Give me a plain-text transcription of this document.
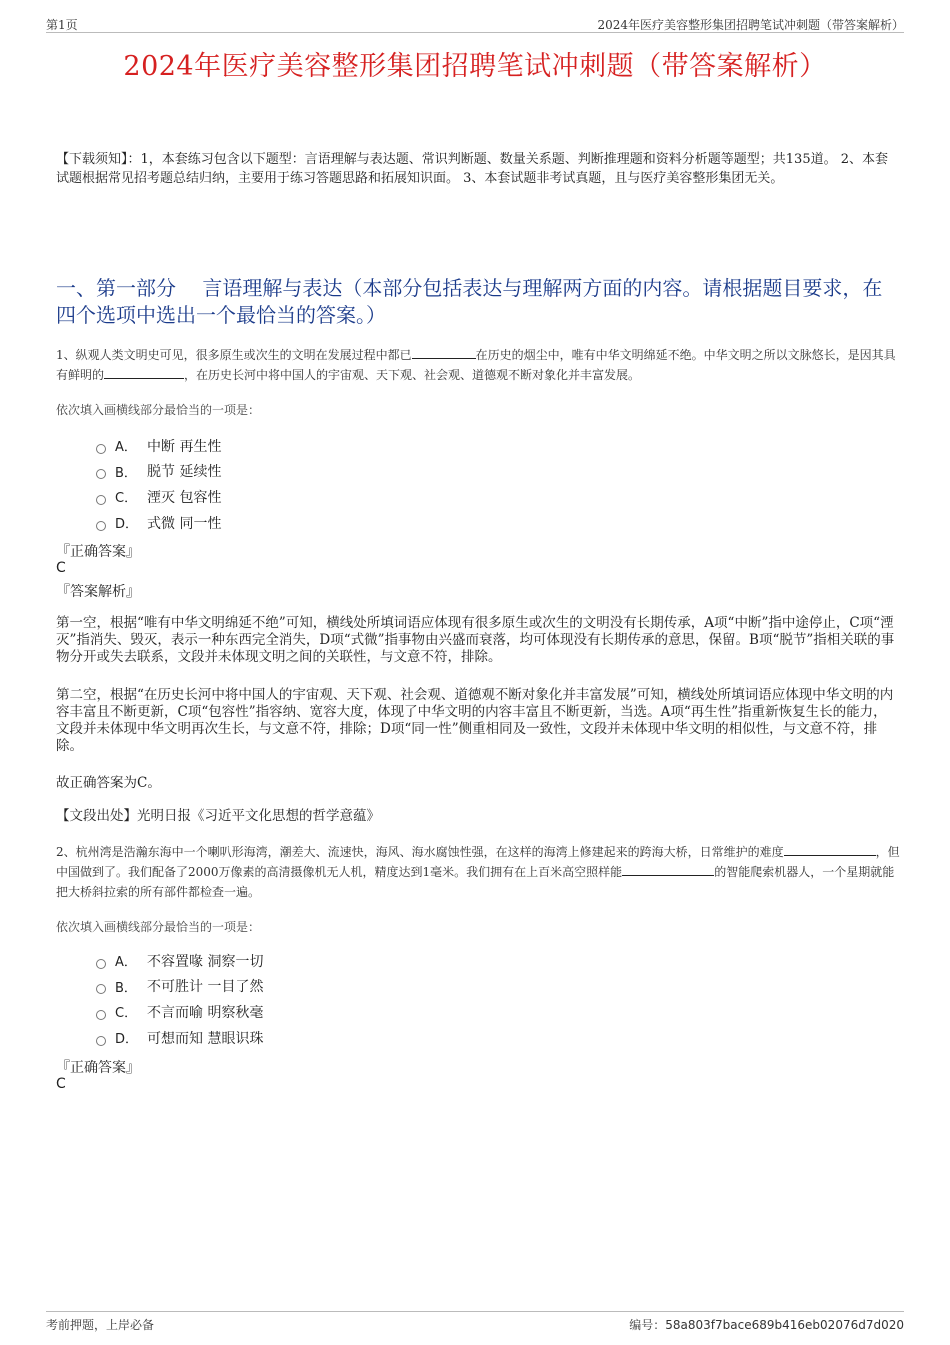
第1页	2024年医疗美容整形集团招聘笔试冲刺题（带答案解析）
2024年医疗美容整形集团招聘笔试冲刺题（带答案解析）
【下载须知】：1，本套练习包含以下题型：言语理解与表达题、常识判断题、数量关系题、判断推理题和资料分析题等题型；共135道。 2、本套试题根据常见招考题总结归纳，主要用于练习答题思路和拓展知识面。 3、本套试题非考试真题，且与医疗美容整形集团无关。
一、第一部分　 言语理解与表达（本部分包括表达与理解两方面的内容。请根据题目要求，在四个选项中选出一个最恰当的答案。）
1、纵观人类文明史可见，很多原生或次生的文明在发展过程中都已	在历史的烟尘中，唯有中华文明绵延不绝。中华文明之所以文脉悠长，是因其具有鲜明的	，在历史长河中将中国人的宇宙观、天下观、社会观、道德观不断对象化并丰富发展。
依次填入画横线部分最恰当的一项是：
A． 中断 再生性
B． 脱节 延续性
C． 湮灭 包容性
D． 式微 同一性
『正确答案』
C
『答案解析』
第一空，根据“唯有中华文明绵延不绝”可知，横线处所填词语应体现有很多原生或次生的文明没有长期传承，A项“中断”指中途停止，C项“湮灭”指消失、毁灭，表示一种东西完全消失，D项“式微”指事物由兴盛而衰落，均可体现没有长期传承的意思，保留。B项“脱节”指相关联的事物分开或失去联系，文段并未体现文明之间的关联性，与文意不符，排除。
第二空，根据“在历史长河中将中国人的宇宙观、天下观、社会观、道德观不断对象化并丰富发展”可知，横线处所填词语应体现中华文明的内容丰富且不断更新，C项“包容性”指容纳、宽容大度，体现了中华文明的内容丰富且不断更新，当选。A项“再生性”指重新恢复生长的能力，文段并未体现中华文明再次生长，与文意不符，排除；D项“同一性”侧重相同及一致性，文段并未体现中华文明的相似性，与文意不符，排除。
故正确答案为C。
【文段出处】光明日报《习近平文化思想的哲学意蕴》
2、杭州湾是浩瀚东海中一个喇叭形海湾，潮差大、流速快，海风、海水腐蚀性强，在这样的海湾上修建起来的跨海大桥，日常维护的难度	，但中国做到了。我们配备了2000万像素的高清摄像机无人机，精度达到1毫米。我们拥有在上百米高空照样能	的智能爬索机器人，一个星期就能把大桥斜拉索的所有部件都检查一遍。
依次填入画横线部分最恰当的一项是：
A． 不容置喙 洞察一切
B． 不可胜计 一目了然
C． 不言而喻 明察秋毫
D． 可想而知 慧眼识珠
『正确答案』
C
考前押题，上岸必备	编号：58a803f7bace689b416eb02076d7d020
